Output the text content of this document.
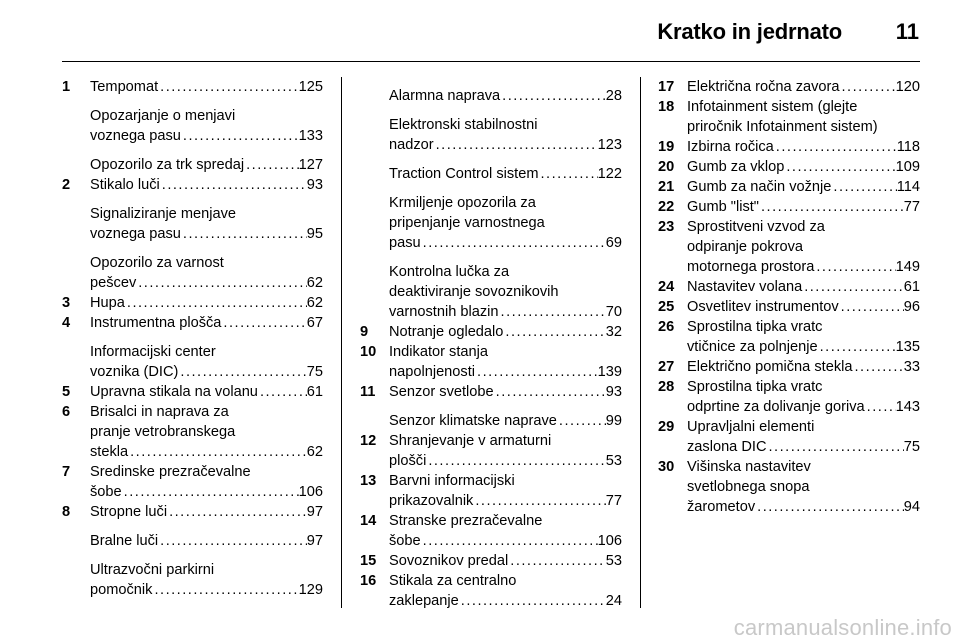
Kratko in jedrnato 11
1 Tempomat .....	125
Opozarjanje o menjavi
voznega pasu .....	133
Opozorilo za trk spredaj .....	127
2 Stikalo luči .....	93
Signaliziranje menjave
voznega pasu .....	95
Opozorilo za varnost
pešcev .....	62
3 Hupa .....	62
4 Instrumentna plošča .....	67
Informacijski center
voznika (DIC) .....	75
5 Upravna stikala na volanu .....	61
6 Brisalci in naprava za
pranje vetrobranskega
stekla .....	62
7 Sredinske prezračevalne
šobe .....	106
8 Stropne luči .....	97
Bralne luči .....	97
Ultrazvočni parkirni
pomočnik .....	129
Alarmna naprava .....	28
Elektronski stabilnostni
nadzor .....	123
Traction Control sistem .....	122
Krmiljenje opozorila za
pripenjanje varnostnega
pasu .....	69
Kontrolna lučka za
deaktiviranje sovoznikovih
varnostnih blazin .....	70
9 Notranje ogledalo .....	32
10 Indikator stanja
napolnjenosti .....	139
11 Senzor svetlobe .....	93
Senzor klimatske naprave .....	99
12 Shranjevanje v armaturni
plošči .....	53
13 Barvni informacijski
prikazovalnik .....	77
14 Stranske prezračevalne
šobe .....	106
15 Sovoznikov predal .....	53
16 Stikala za centralno
zaklepanje .....	24
17 Električna ročna zavora .....	120
18 Infotainment sistem (glejte
priročnik Infotainment sistem)
19 Izbirna ročica .....	118
20 Gumb za vklop .....	109
21 Gumb za način vožnje .....	114
22 Gumb "list" .....	77
23 Sprostitveni vzvod za
odpiranje pokrova
motornega prostora .....	149
24 Nastavitev volana .....	61
25 Osvetlitev instrumentov .....	96
26 Sprostilna tipka vratc
vtičnice za polnjenje .....	135
27 Električno pomična stekla .....	33
28 Sprostilna tipka vratc
odprtine za dolivanje goriva ..... 143
29 Upravljalni elementi
zaslona DIC .....	75
30 Višinska nastavitev
svetlobnega snopa
žarometov .....	94
carmanualsonline.info
